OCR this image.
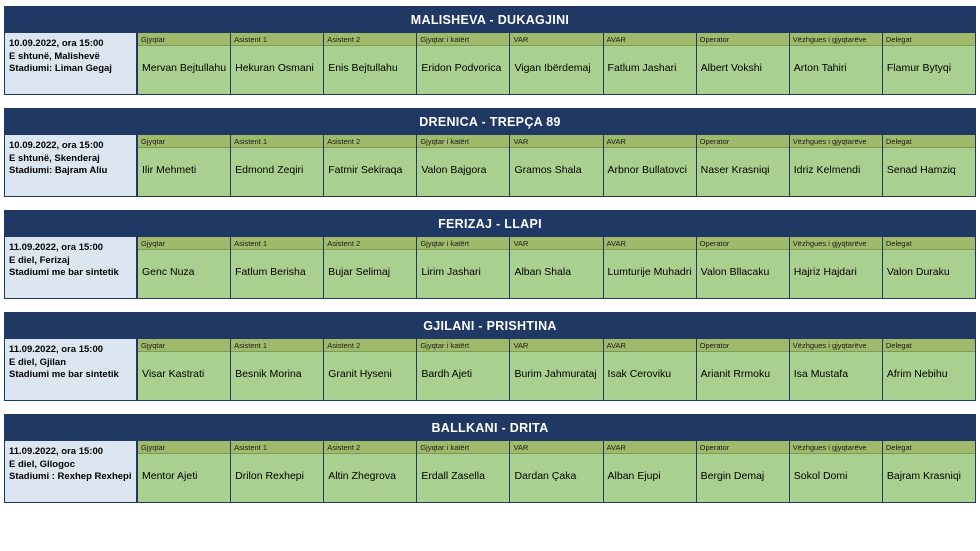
MALISHEVA - DUKAGJINI
10.09.2022, ora 15:00
E shtunë, Malishevë
Stadiumi: Liman Gegaj
Gjyqtar
Mervan Bejtullahu
Asistent 1
Hekuran Osmani
Asistent 2
Enis Bejtullahu
Gjyqtar i katërt
Eridon Podvorica
VAR
Vigan Ibërdemaj
AVAR
Fatlum Jashari
Operator
Albert Vokshi
Vëzhgues i gjyqtarëve
Arton Tahiri
Delegat
Flamur Bytyqi
DRENICA - TREPÇA 89
10.09.2022, ora 15:00
E shtunë, Skenderaj
Stadiumi: Bajram Aliu
Gjyqtar
Ilir Mehmeti
Asistent 1
Edmond Zeqiri
Asistent 2
Fatmir Sekiraqa
Gjyqtar i katërt
Valon Bajgora
VAR
Gramos Shala
AVAR
Arbnor Bullatovci
Operator
Naser Krasniqi
Vëzhgues i gjyqtarëve
Idriz Kelmendi
Delegat
Senad Hamziq
FERIZAJ - LLAPI
11.09.2022, ora 15:00
E diel, Ferizaj
Stadiumi me bar sintetik
Gjyqtar
Genc Nuza
Asistent 1
Fatlum Berisha
Asistent 2
Bujar Selimaj
Gjyqtar i katërt
Lirim Jashari
VAR
Alban Shala
AVAR
Lumturije Muhadri
Operator
Valon Bllacaku
Vëzhgues i gjyqtarëve
Hajriz Hajdari
Delegat
Valon Duraku
GJILANI - PRISHTINA
11.09.2022, ora 15:00
E diel, Gjilan
Stadiumi me bar sintetik
Gjyqtar
Visar Kastrati
Asistent 1
Besnik Morina
Asistent 2
Granit Hyseni
Gjyqtar i katërt
Bardh Ajeti
VAR
Burim Jahmurataj
AVAR
Isak Ceroviku
Operator
Arianit Rrmoku
Vëzhgues i gjyqtarëve
Isa Mustafa
Delegat
Afrim Nebihu
BALLKANI - DRITA
11.09.2022, ora 15:00
E diel, Gllogoc
Stadiumi : Rexhep Rexhepi
Gjyqtar
Mentor Ajeti
Asistent 1
Drilon Rexhepi
Asistent 2
Altin Zhegrova
Gjyqtar i katërt
Erdall Zasella
VAR
Dardan Çaka
AVAR
Alban Ejupi
Operator
Bergin Demaj
Vëzhgues i gjyqtarëve
Sokol Domi
Delegat
Bajram Krasniqi
